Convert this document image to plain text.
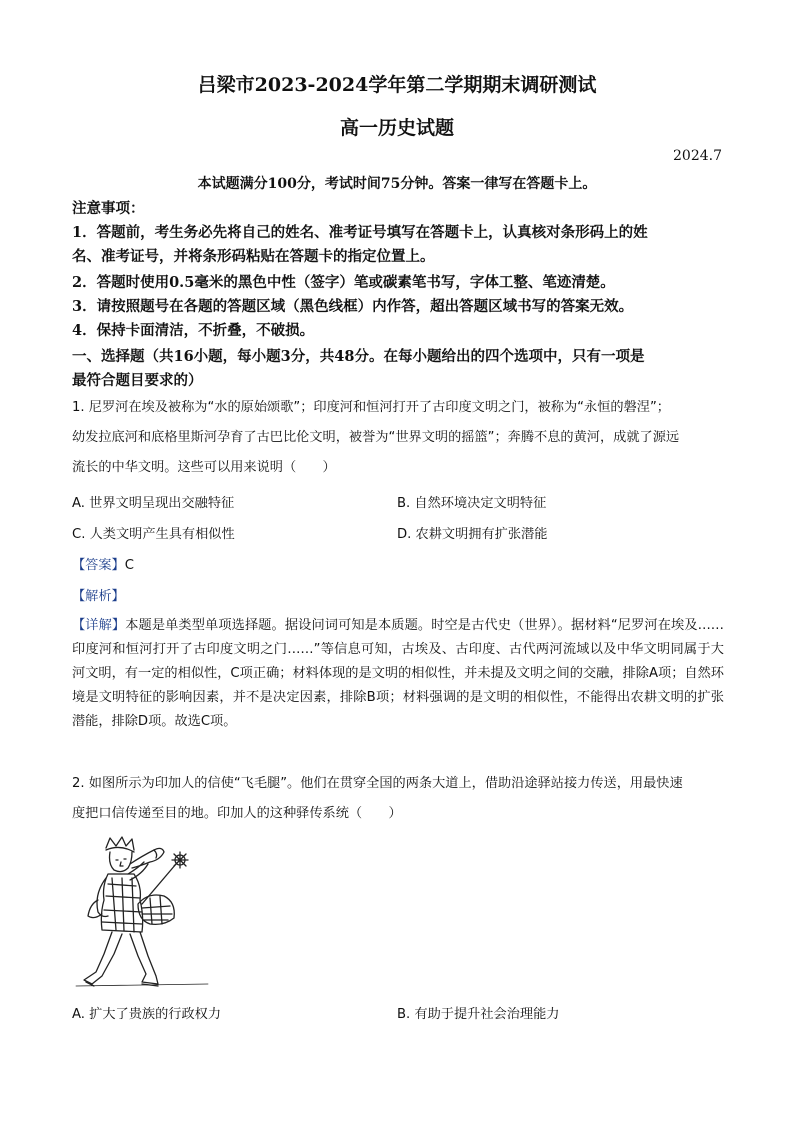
吕梁市2023-2024学年第二学期期末调研测试
高一历史试题
2024.7
本试题满分100分，考试时间75分钟。答案一律写在答题卡上。
注意事项：
1．答题前，考生务必先将自己的姓名、准考证号填写在答题卡上，认真核对条形码上的姓
名、准考证号，并将条形码粘贴在答题卡的指定位置上。
2．答题时使用0.5毫米的黑色中性（签字）笔或碳素笔书写，字体工整、笔迹清楚。
3．请按照题号在各题的答题区域（黑色线框）内作答，超出答题区域书写的答案无效。
4．保持卡面清洁，不折叠，不破损。
一、选择题（共16小题，每小题3分，共48分。在每小题给出的四个选项中，只有一项是
最符合题目要求的）
1. 尼罗河在埃及被称为“水的原始颂歌”；印度河和恒河打开了古印度文明之门，被称为“永恒的磐涅”；
幼发拉底河和底格里斯河孕育了古巴比伦文明，被誉为“世界文明的摇篮”；奔腾不息的黄河，成就了源远
流长的中华文明。这些可以用来说明（　　）
A. 世界文明呈现出交融特征	B. 自然环境决定文明特征
C. 人类文明产生具有相似性	D. 农耕文明拥有扩张潜能
【答案】C
【解析】
【详解】本题是单类型单项选择题。据设问词可知是本质题。时空是古代史（世界）。据材料“尼罗河在埃及……印度河和恒河打开了古印度文明之门……”等信息可知，古埃及、古印度、古代两河流域以及中华文明同属于大河文明，有一定的相似性，C项正确；材料体现的是文明的相似性，并未提及文明之间的交融，排除A项；自然环境是文明特征的影响因素，并不是决定因素，排除B项；材料强调的是文明的相似性，不能得出农耕文明的扩张潜能，排除D项。故选C项。
2. 如图所示为印加人的信使“飞毛腿”。他们在贯穿全国的两条大道上，借助沿途驿站接力传送，用最快速
度把口信传递至目的地。印加人的这种驿传系统（　　）
A. 扩大了贵族的行政权力	B. 有助于提升社会治理能力
